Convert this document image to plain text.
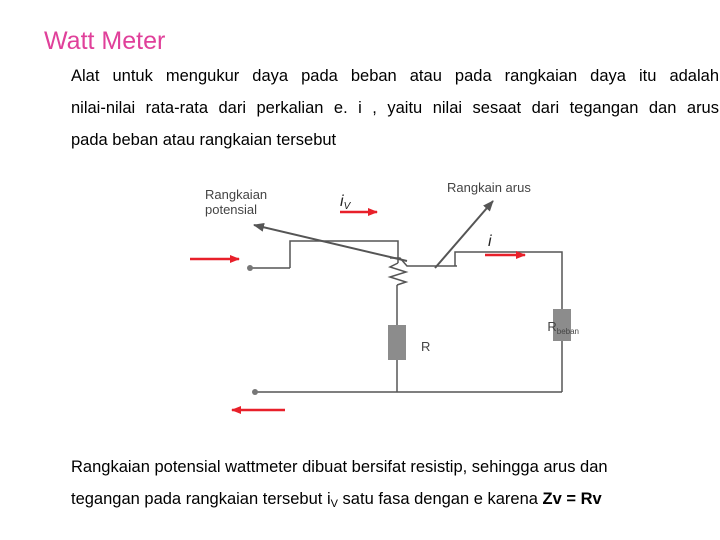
Watt Meter
Alat untuk mengukur daya pada beban atau pada rangkaian daya itu adalah
nilai-nilai rata-rata dari perkalian e. i , yaitu nilai sesaat dari tegangan dan arus
pada beban atau rangkaian tersebut
Rangkaian
potensial
Rangkain arus
iV
i
R
$R_{beban}$
Rangkaian potensial wattmeter dibuat bersifat resistip, sehingga arus dan
tegangan pada rangkaian tersebut $i_V$ satu fasa dengan e karena Zv = Rv
